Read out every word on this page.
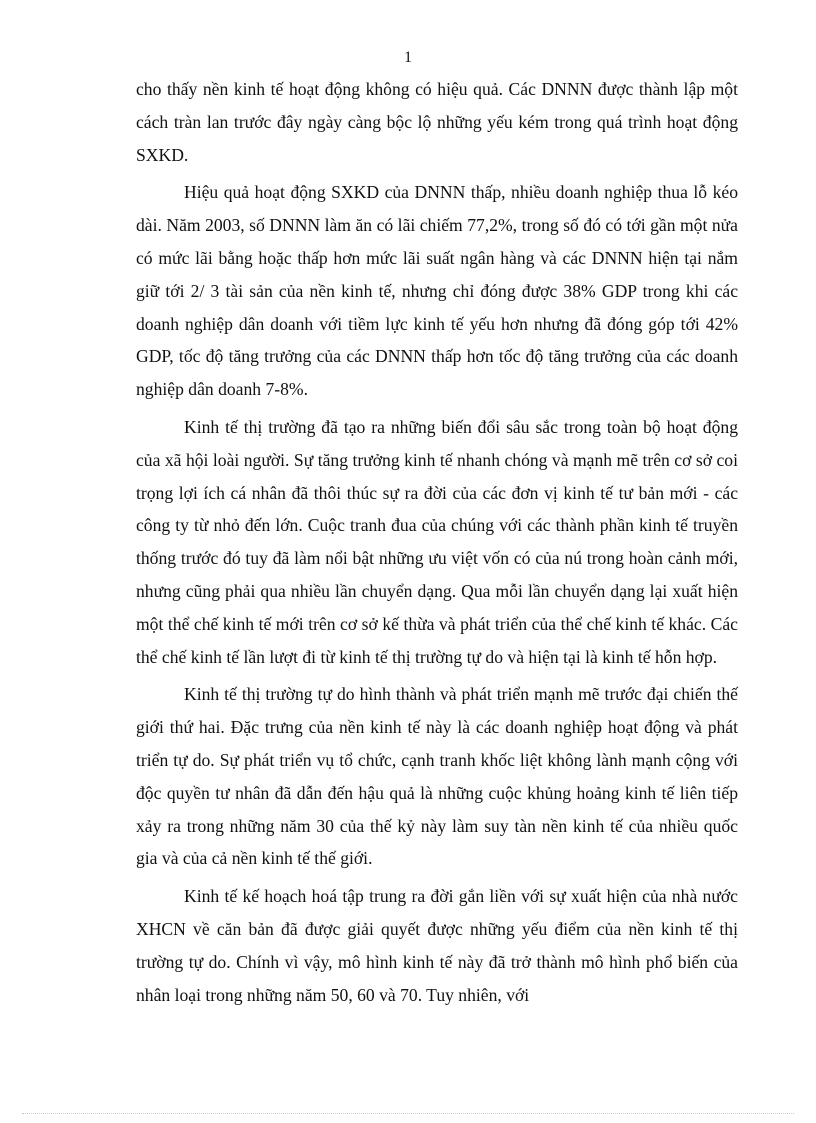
1

cho thấy nền kinh tế hoạt động không có hiệu quả. Các DNNN được thành lập một cách tràn lan trước đây ngày càng bộc lộ những yếu kém trong quá trình hoạt động SXKD.

Hiệu quả hoạt động SXKD của DNNN thấp, nhiều doanh nghiệp thua lỗ kéo dài. Năm 2003, số DNNN làm ăn có lãi chiếm 77,2%, trong số đó có tới gần một nửa có mức lãi bằng hoặc thấp hơn mức lãi suất ngân hàng và các DNNN hiện tại nắm giữ tới 2/ 3 tài sản của nền kinh tế, nhưng chỉ đóng được 38% GDP trong khi các doanh nghiệp dân doanh với tiềm lực kinh tế yếu hơn nhưng đã đóng góp tới 42% GDP, tốc độ tăng trưởng của các DNNN thấp hơn tốc độ tăng trưởng của các doanh nghiệp dân doanh 7-8%.

Kinh tế thị trường đã tạo ra những biến đổi sâu sắc trong toàn bộ hoạt động của xã hội loài người. Sự tăng trưởng kinh tế nhanh chóng và mạnh mẽ trên cơ sở coi trọng lợi ích cá nhân đã thôi thúc sự ra đời của các đơn vị kinh tế tư bản mới - các công ty từ nhỏ đến lớn. Cuộc tranh đua của chúng với các thành phần kinh tế truyền thống trước đó tuy đã làm nổi bật những ưu việt vốn có của nú trong hoàn cảnh mới, nhưng cũng phải qua nhiều lần chuyển dạng. Qua mỗi lần chuyển dạng lại xuất hiện một thể chế kinh tế mới trên cơ sở kế thừa và phát triển của thể chế kinh tế khác. Các thể chế kinh tế lần lượt đi từ kinh tế thị trường tự do và hiện tại là kinh tế hỗn hợp.

Kinh tế thị trường tự do hình thành và phát triển mạnh mẽ trước đại chiến thế giới thứ hai. Đặc trưng của nền kinh tế này là các doanh nghiệp hoạt động và phát triển tự do. Sự phát triển vụ tổ chức, cạnh tranh khốc liệt không lành mạnh cộng với độc quyền tư nhân đã dẫn đến hậu quả là những cuộc khủng hoảng kinh tế liên tiếp xảy ra trong những năm 30 của thế kỷ này làm suy tàn nền kinh tế của nhiều quốc gia và của cả nền kinh tế thế giới.

Kinh tế kế hoạch hoá tập trung ra đời gắn liền với sự xuất hiện của nhà nước XHCN về căn bản đã được giải quyết được những yếu điểm của nền kinh tế thị trường tự do. Chính vì vậy, mô hình kinh tế này đã trở thành mô hình phổ biến của nhân loại trong những năm 50, 60 và 70. Tuy nhiên, với
